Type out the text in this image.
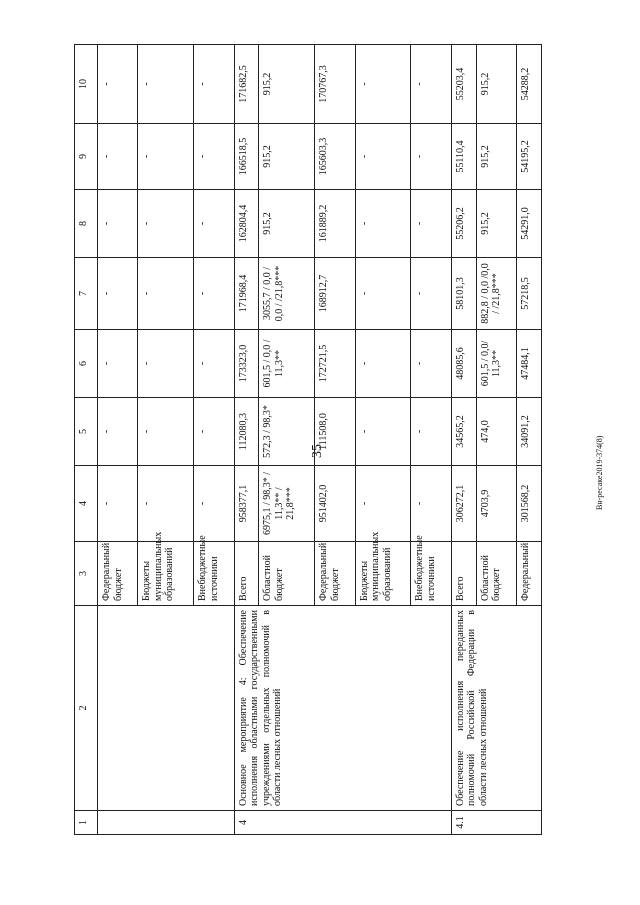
35	Вн-ресаке2019-374(8)
1	2	3	4	5	6	7	8	9	10
		Федеральный бюджет	-	-	-	-	-	-	-
		Бюджеты муниципальных образований	-	-	-	-	-	-	-
		Внебюджетные источники	-	-	-	-	-	-	-
4	Основное мероприятие 4: Обеспечение исполнения областными государственными учреждениями отдельных полномочий в области лесных отношений	Всего	958377,1	112080,3	173323,0	171968,4	162804,4	166518,5	171682,5
		Областной бюджет	6975,1 / 98,3* / 11,3** / 21,8***	572,3 / 98,3*	601,5 / 0,0 / 11,3**	3055,7 / 0,0 / 0,0 / /21,8***	915,2	915,2	915,2
		Федеральный бюджет	951402,0	111508,0	172721,5	168912,7	161889,2	165603,3	170767,3
		Бюджеты муниципальных образований	-	-	-	-	-	-	-
		Внебюджетные источники	-	-	-	-	-	-	-
4.1	Обеспечение исполнения переданных полномочий Российской Федерации в области лесных отношений	Всего	306272,1	34565,2	48085,6	58101,3	55206,2	55110,4	55203,4
		Областной бюджет	4703,9	474,0	601,5 / 0,0/ 11,3**	882,8 / 0,0 /0,0 / /21,8***	915,2	915,2	915,2
		Федеральный	301568,2	34091,2	47484,1	57218,5	54291,0	54195,2	54288,2
